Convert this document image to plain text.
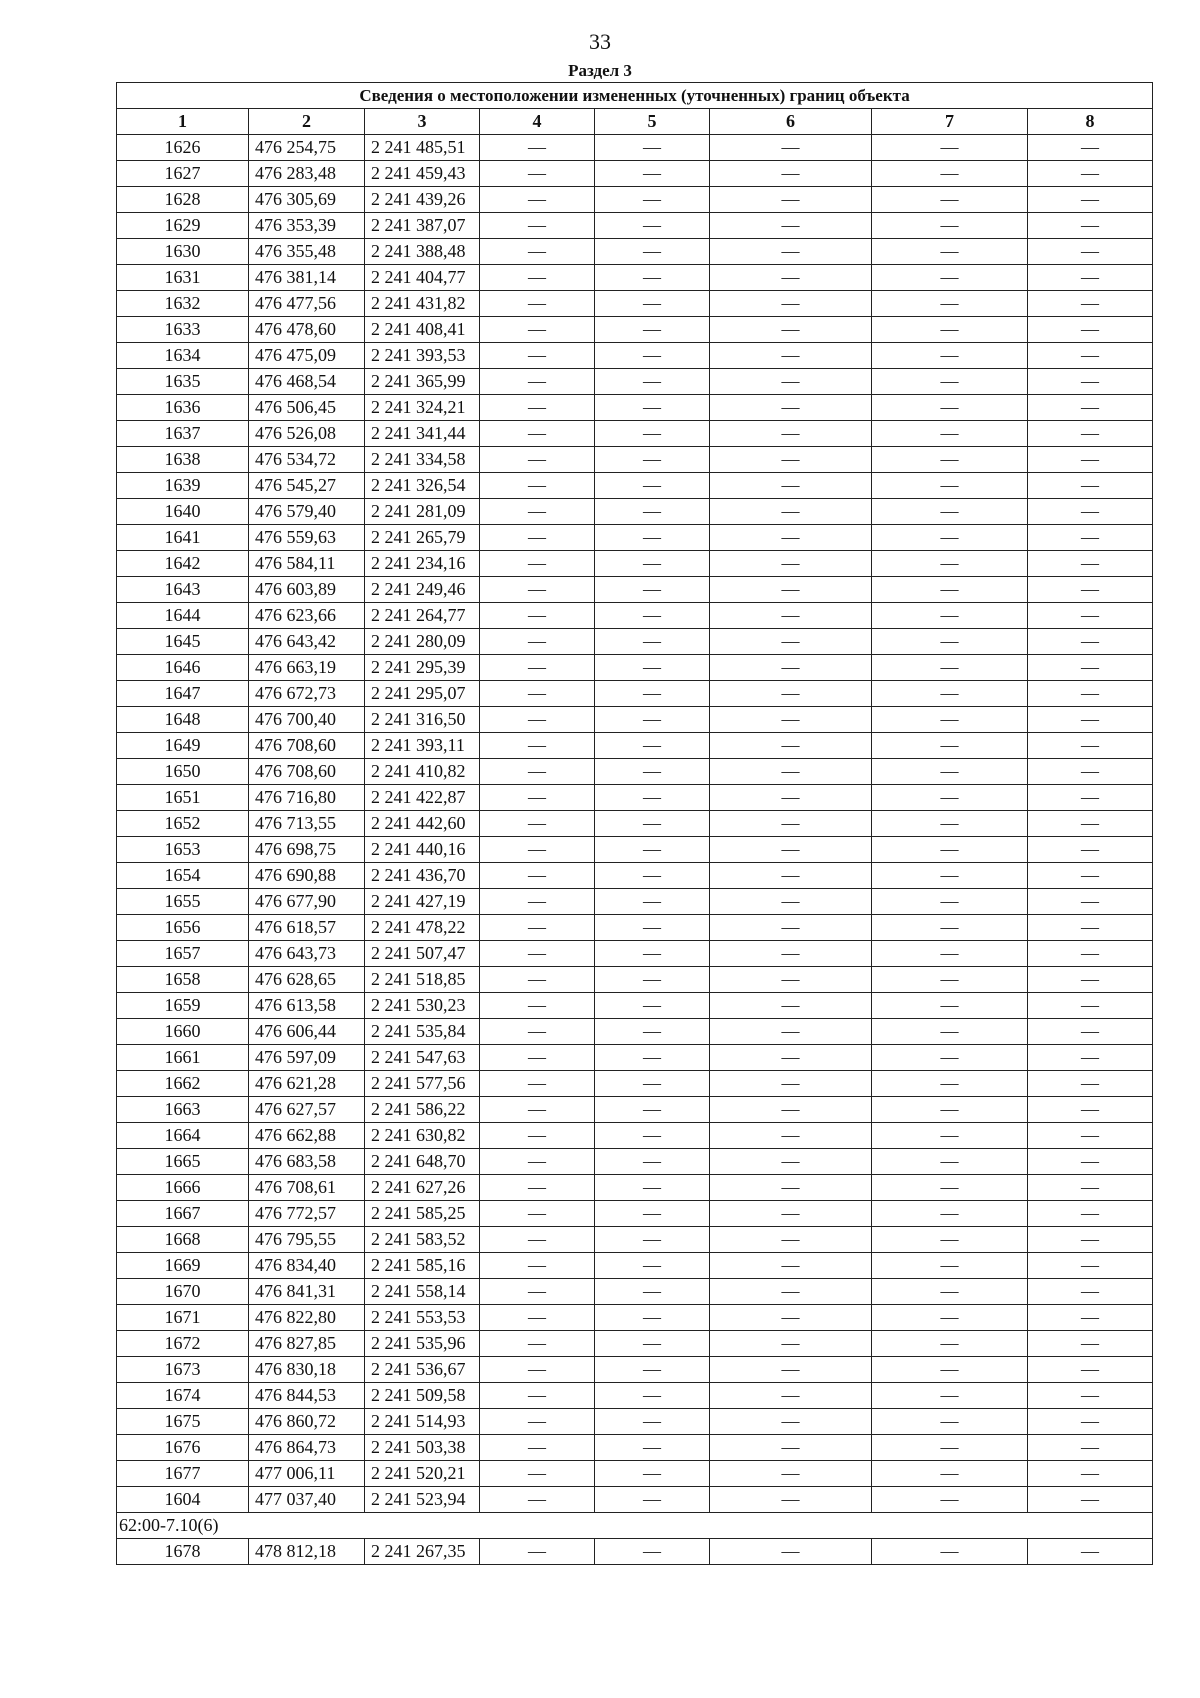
33
Раздел 3
Сведения о местоположении измененных (уточненных) границ объекта							
1	2	3	4	5	6	7	8
1626	476 254,75	2 241 485,51	—	—	—	—	—
1627	476 283,48	2 241 459,43	—	—	—	—	—
1628	476 305,69	2 241 439,26	—	—	—	—	—
1629	476 353,39	2 241 387,07	—	—	—	—	—
1630	476 355,48	2 241 388,48	—	—	—	—	—
1631	476 381,14	2 241 404,77	—	—	—	—	—
1632	476 477,56	2 241 431,82	—	—	—	—	—
1633	476 478,60	2 241 408,41	—	—	—	—	—
1634	476 475,09	2 241 393,53	—	—	—	—	—
1635	476 468,54	2 241 365,99	—	—	—	—	—
1636	476 506,45	2 241 324,21	—	—	—	—	—
1637	476 526,08	2 241 341,44	—	—	—	—	—
1638	476 534,72	2 241 334,58	—	—	—	—	—
1639	476 545,27	2 241 326,54	—	—	—	—	—
1640	476 579,40	2 241 281,09	—	—	—	—	—
1641	476 559,63	2 241 265,79	—	—	—	—	—
1642	476 584,11	2 241 234,16	—	—	—	—	—
1643	476 603,89	2 241 249,46	—	—	—	—	—
1644	476 623,66	2 241 264,77	—	—	—	—	—
1645	476 643,42	2 241 280,09	—	—	—	—	—
1646	476 663,19	2 241 295,39	—	—	—	—	—
1647	476 672,73	2 241 295,07	—	—	—	—	—
1648	476 700,40	2 241 316,50	—	—	—	—	—
1649	476 708,60	2 241 393,11	—	—	—	—	—
1650	476 708,60	2 241 410,82	—	—	—	—	—
1651	476 716,80	2 241 422,87	—	—	—	—	—
1652	476 713,55	2 241 442,60	—	—	—	—	—
1653	476 698,75	2 241 440,16	—	—	—	—	—
1654	476 690,88	2 241 436,70	—	—	—	—	—
1655	476 677,90	2 241 427,19	—	—	—	—	—
1656	476 618,57	2 241 478,22	—	—	—	—	—
1657	476 643,73	2 241 507,47	—	—	—	—	—
1658	476 628,65	2 241 518,85	—	—	—	—	—
1659	476 613,58	2 241 530,23	—	—	—	—	—
1660	476 606,44	2 241 535,84	—	—	—	—	—
1661	476 597,09	2 241 547,63	—	—	—	—	—
1662	476 621,28	2 241 577,56	—	—	—	—	—
1663	476 627,57	2 241 586,22	—	—	—	—	—
1664	476 662,88	2 241 630,82	—	—	—	—	—
1665	476 683,58	2 241 648,70	—	—	—	—	—
1666	476 708,61	2 241 627,26	—	—	—	—	—
1667	476 772,57	2 241 585,25	—	—	—	—	—
1668	476 795,55	2 241 583,52	—	—	—	—	—
1669	476 834,40	2 241 585,16	—	—	—	—	—
1670	476 841,31	2 241 558,14	—	—	—	—	—
1671	476 822,80	2 241 553,53	—	—	—	—	—
1672	476 827,85	2 241 535,96	—	—	—	—	—
1673	476 830,18	2 241 536,67	—	—	—	—	—
1674	476 844,53	2 241 509,58	—	—	—	—	—
1675	476 860,72	2 241 514,93	—	—	—	—	—
1676	476 864,73	2 241 503,38	—	—	—	—	—
1677	477 006,11	2 241 520,21	—	—	—	—	—
1604	477 037,40	2 241 523,94	—	—	—	—	—
62:00-7.10(6)							
1678	478 812,18	2 241 267,35	—	—	—	—	—
